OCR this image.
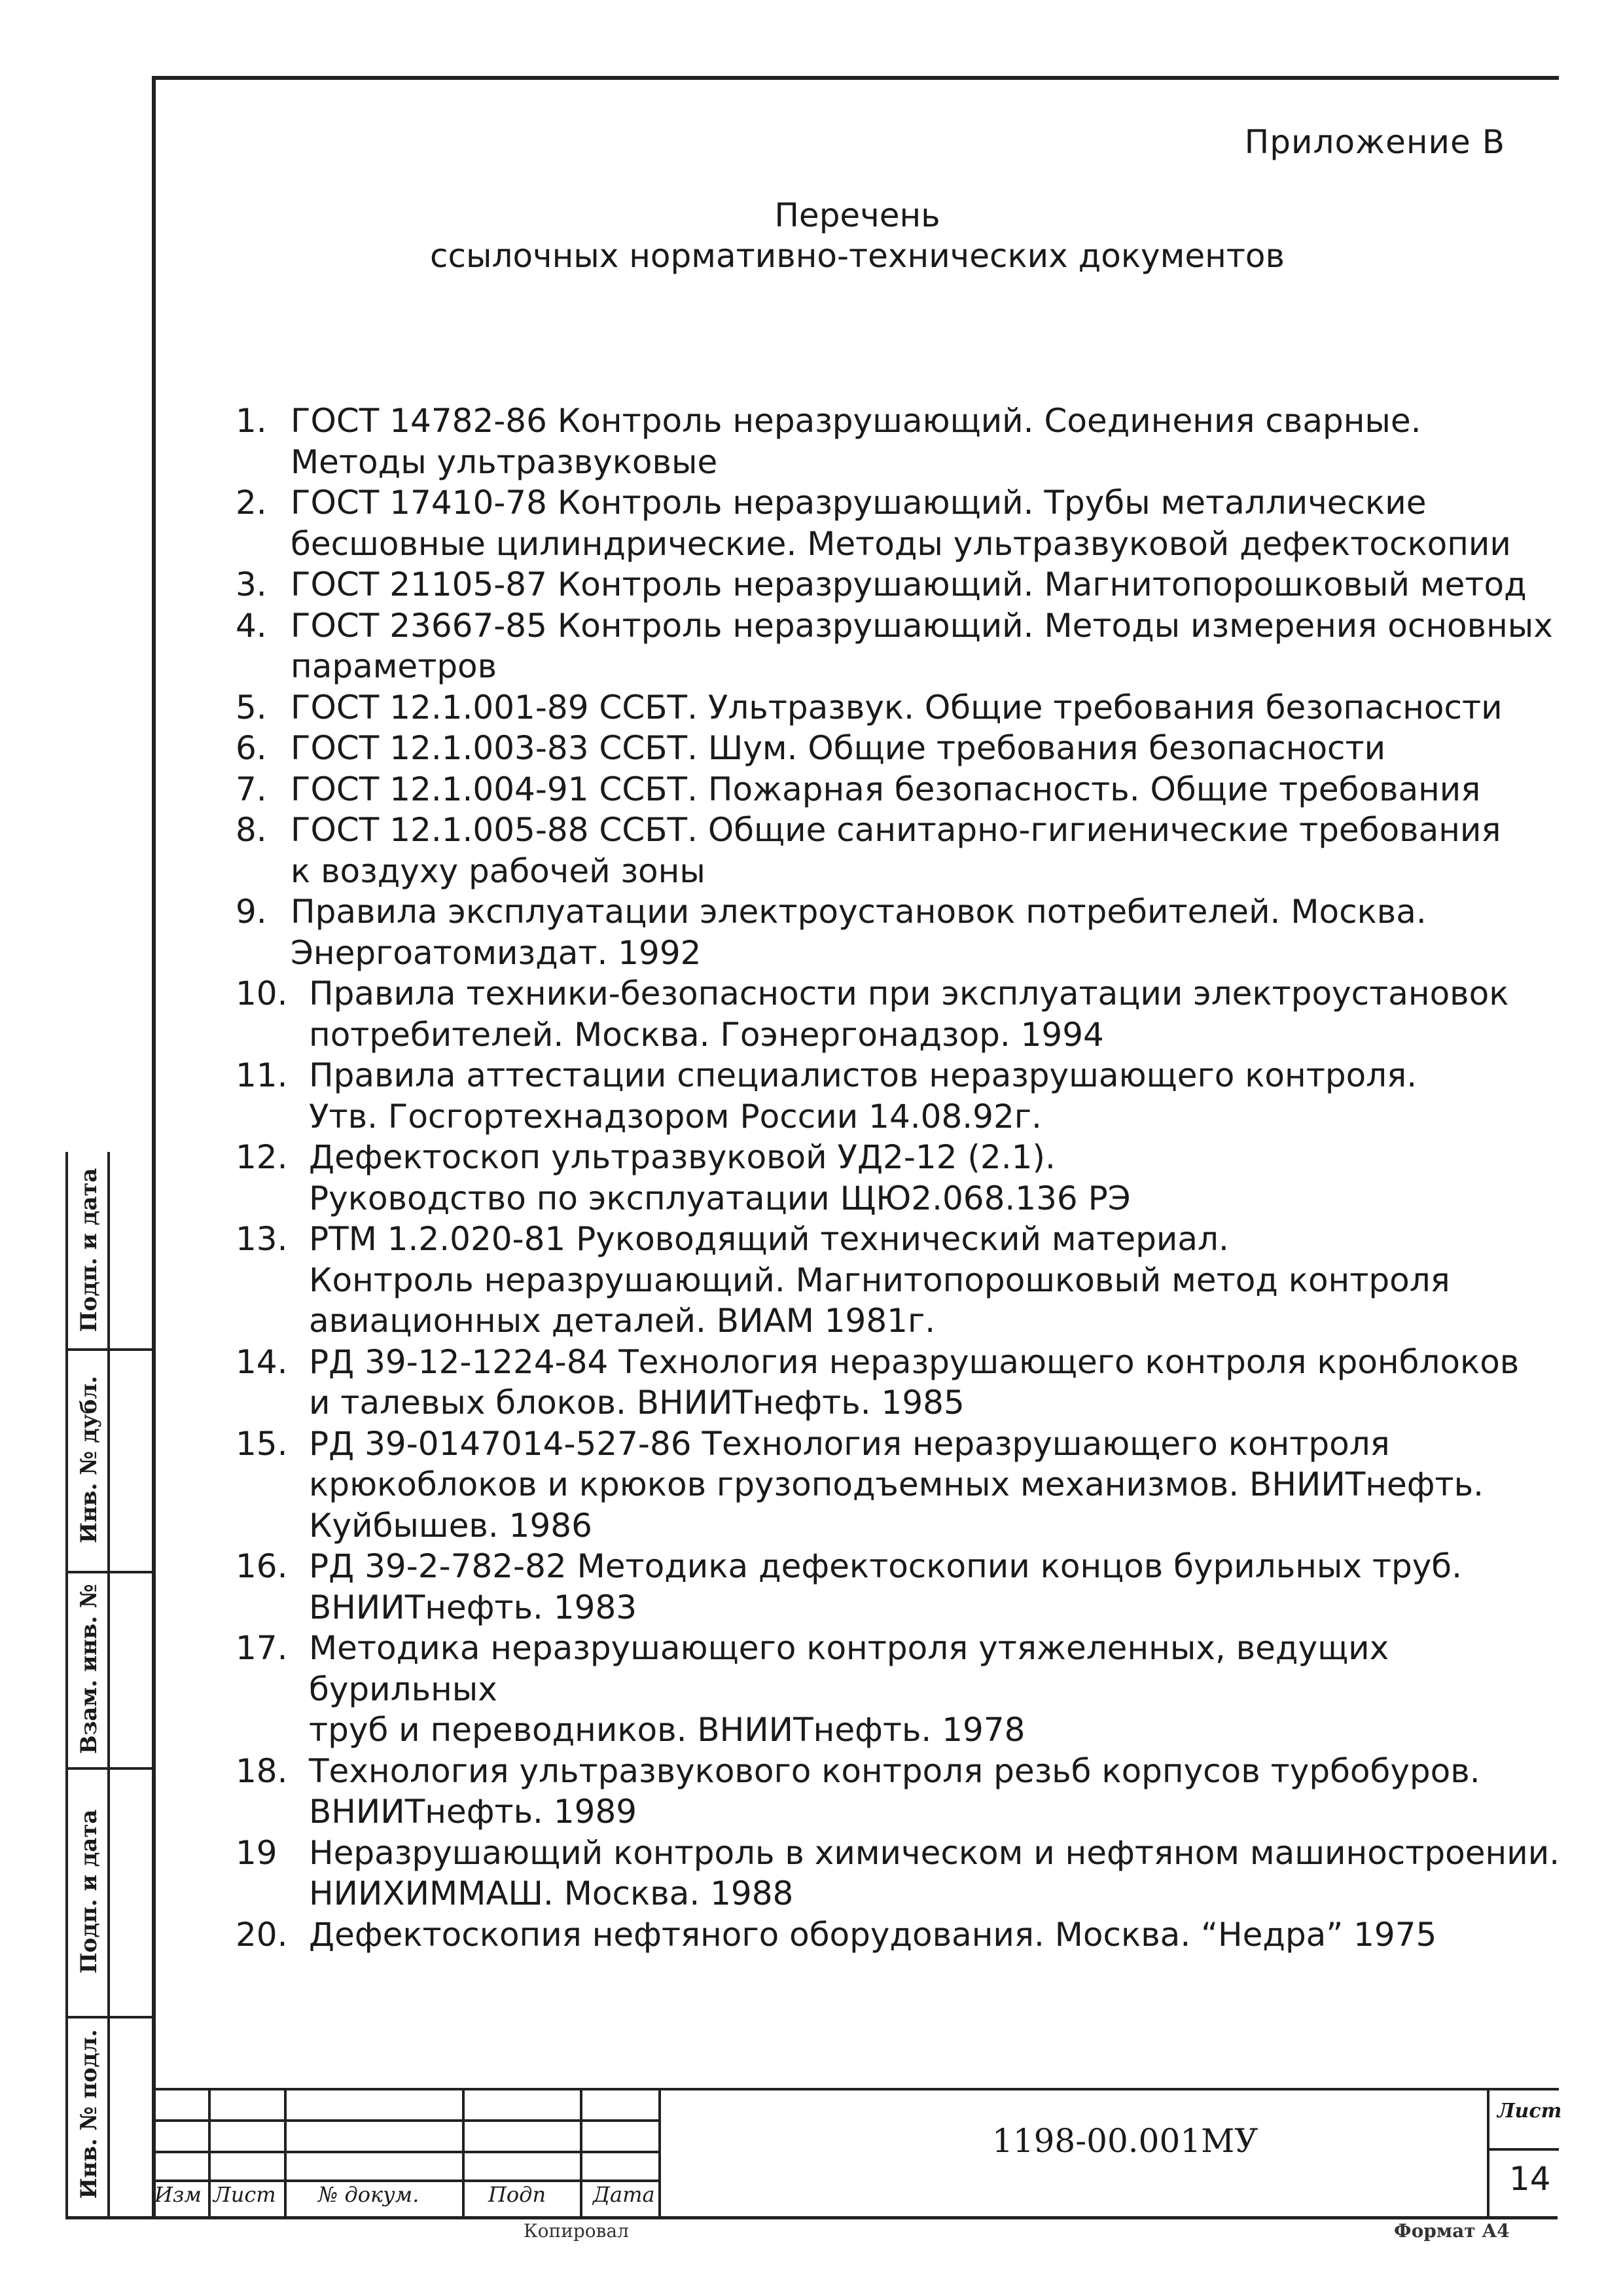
Приложение В
Перечень
ссылочных нормативно-технических документов
1. ГОСТ 14782-86 Контроль неразрушающий. Соединения сварные.
Методы ультразвуковые
2. ГОСТ 17410-78 Контроль неразрушающий. Трубы металлические
бесшовные цилиндрические. Методы ультразвуковой дефектоскопии
3. ГОСТ 21105-87 Контроль неразрушающий. Магнитопорошковый метод
4. ГОСТ 23667-85 Контроль неразрушающий. Методы измерения основных
параметров
5. ГОСТ 12.1.001-89 ССБТ. Ультразвук. Общие требования безопасности
6. ГОСТ 12.1.003-83 ССБТ. Шум. Общие требования безопасности
7. ГОСТ 12.1.004-91 ССБТ. Пожарная безопасность. Общие требования
8. ГОСТ 12.1.005-88 ССБТ. Общие санитарно-гигиенические требования
к воздуху рабочей зоны
9. Правила эксплуатации электроустановок потребителей. Москва.
Энергоатомиздат. 1992
10. Правила техники-безопасности при эксплуатации электроустановок
потребителей. Москва. Гоэнергонадзор. 1994
11. Правила аттестации специалистов неразрушающего контроля.
Утв. Госгортехнадзором России 14.08.92г.
12. Дефектоскоп ультразвуковой УД2-12 (2.1).
Руководство по эксплуатации ЩЮ2.068.136 РЭ
13. РТМ 1.2.020-81 Руководящий технический материал.
Контроль неразрушающий. Магнитопорошковый метод контроля
авиационных деталей. ВИАМ 1981г.
14. РД 39-12-1224-84 Технология неразрушающего контроля кронблоков
и талевых блоков. ВНИИТнефть. 1985
15. РД 39-0147014-527-86 Технология неразрушающего контроля
крюкоблоков и крюков грузоподъемных механизмов. ВНИИТнефть.
Куйбышев. 1986
16. РД 39-2-782-82 Методика дефектоскопии концов бурильных труб.
ВНИИТнефть. 1983
17. Методика неразрушающего контроля утяжеленных, ведущих бурильных
труб и переводников. ВНИИТнефть. 1978
18. Технология ультразвукового контроля резьб корпусов турбобуров.
ВНИИТнефть. 1989
19 Неразрушающий контроль в химическом и нефтяном машиностроении.
НИИХИММАШ. Москва. 1988
20. Дефектоскопия нефтяного оборудования. Москва. “Недра” 1975
Подп. и дата
Инв. № дубл.
Взам. инв. №
Подп. и дата
Инв. № подл.	Изм Лист № докум.	Подп Дата
1198-00.001МУ
Лист
14
Копировал	Формат А4
